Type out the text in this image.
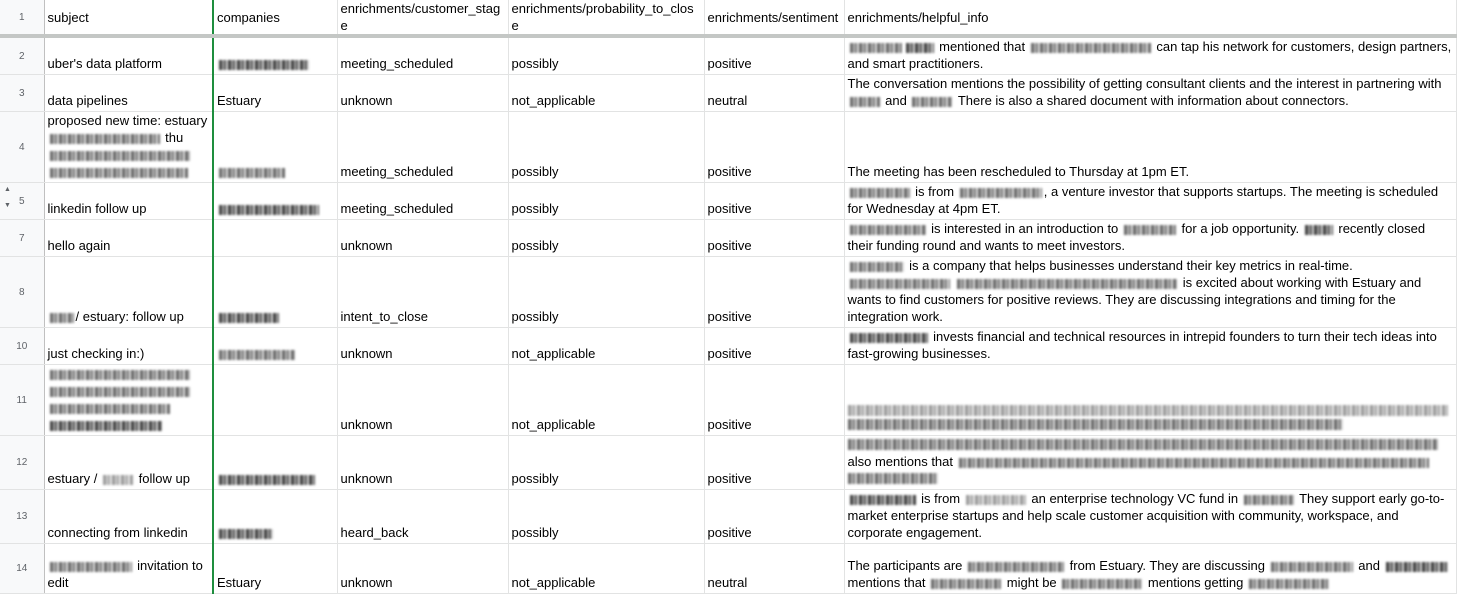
▲
▼
1	subject	companies	enrichments/customer_stage	enrichments/probability_to_close	enrichments/sentiment	enrichments/helpful_info
2	uber's data platform		meeting_scheduled	possibly	positive	mentioned that can tap his network for customers, design partners, and smart practitioners.
3	data pipelines	Estuary	unknown	not_applicable	neutral	The conversation mentions the possibility of getting consultant clients and the interest in partnering with  and There is also a shared document with information about connectors.
4	proposed new time: estuary
thu		meeting_scheduled	possibly	positive	The meeting has been rescheduled to Thursday at 1pm ET.
5	linkedin follow up		meeting_scheduled	possibly	positive	is from , a venture investor that supports startups. The meeting is scheduled for Wednesday at 4pm ET.
7	hello again		unknown	possibly	positive	is interested in an introduction to for a job opportunity. recently closed their funding round and wants to meet investors.
8	/ estuary: follow up		intent_to_close	possibly	positive	is a company that helps businesses understand their key metrics in real-time.   is excited about working with Estuary and wants to find customers for positive reviews. They are discussing integrations and timing for the integration work.
10	just checking in:)		unknown	not_applicable	positive	invests financial and technical resources in intrepid founders to turn their tech ideas into fast-growing businesses.
11			unknown	not_applicable	positive	

12	estuary / follow up		unknown	possibly	positive	also mentions that

13	connecting from linkedin		heard_back	possibly	positive	is from an enterprise technology VC fund in They support early go-to-market enterprise startups and help scale customer acquisition with community, workspace, and corporate engagement.
14	invitation to
edit	Estuary	unknown	not_applicable	neutral	The participants are from Estuary. They are discussing and  mentions that might be mentions getting
